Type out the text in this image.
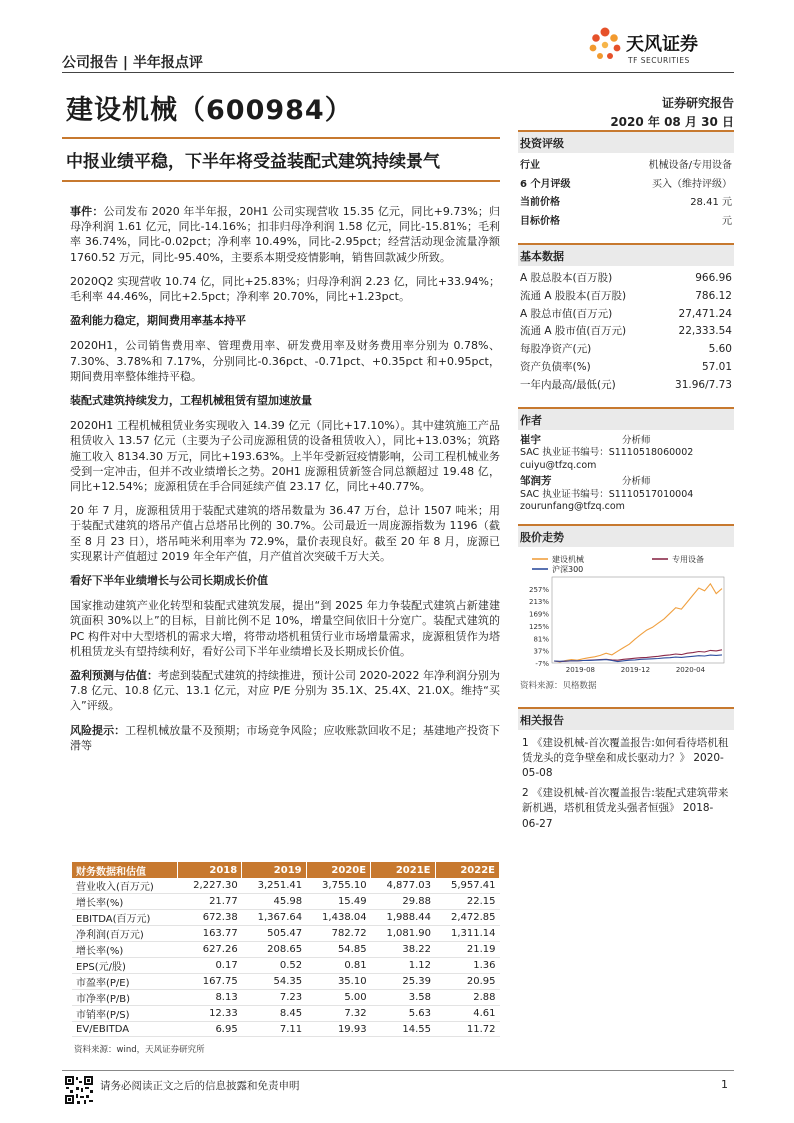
公司报告 | 半年报点评
天风证券
TF SECURITIES
建设机械（600984）	证券研究报告
2020 年 08 月 30 日
中报业绩平稳，下半年将受益装配式建筑持续景气

事件：公司发布 2020 年半年报，20H1 公司实现营收 15.35 亿元，同比+9.73%；归母净利润 1.61 亿元，同比-14.16%；扣非归母净利润 1.58 亿元，同比-15.81%；毛利率 36.74%，同比-0.02pct；净利率 10.49%，同比-2.95pct；经营活动现金流量净额 1760.52 万元，同比-95.40%，主要系本期受疫情影响，销售回款减少所致。

2020Q2 实现营收 10.74 亿，同比+25.83%；归母净利润 2.23 亿，同比+33.94%；毛利率 44.46%，同比+2.5pct；净利率 20.70%，同比+1.23pct。

盈利能力稳定，期间费用率基本持平

2020H1，公司销售费用率、管理费用率、研发费用率及财务费用率分别为 0.78%、7.30%、3.78%和 7.17%，分别同比-0.36pct、-0.71pct、+0.35pct 和+0.95pct，期间费用率整体维持平稳。

装配式建筑持续发力，工程机械租赁有望加速放量

2020H1 工程机械租赁业务实现收入 14.39 亿元（同比+17.10%）。其中建筑施工产品租赁收入 13.57 亿元（主要为子公司庞源租赁的设备租赁收入），同比+13.03%；筑路施工收入 8134.30 万元，同比+193.63%。上半年受新冠疫情影响，公司工程机械业务受到一定冲击，但并不改业绩增长之势。20H1 庞源租赁新签合同总额超过 19.48 亿，同比+12.54%；庞源租赁在手合同延续产值 23.17 亿，同比+40.77%。

20 年 7 月，庞源租赁用于装配式建筑的塔吊数量为 36.47 万台，总计 1507 吨米；用于装配式建筑的塔吊产值占总塔吊比例的 30.7%。公司最近一周庞源指数为 1196（截至 8 月 23 日），塔吊吨米利用率为 72.9%，量价表现良好。截至 20 年 8 月，庞源已实现累计产值超过 2019 年全年产值，月产值首次突破千万大关。

看好下半年业绩增长与公司长期成长价值

国家推动建筑产业化转型和装配式建筑发展，提出“到 2025 年力争装配式建筑占新建建筑面积 30%以上”的目标，目前比例不足 10%，增量空间依旧十分宽广。装配式建筑的 PC 构件对中大型塔机的需求大增，将带动塔机租赁行业市场增量需求，庞源租赁作为塔机租赁龙头有望持续利好，看好公司下半年业绩增长及长期成长价值。

盈利预测与估值：考虑到装配式建筑的持续推进，预计公司 2020-2022 年净利润分别为 7.8 亿元、10.8 亿元、13.1 亿元，对应 P/E 分别为 35.1X、25.4X、21.0X。维持“买入”评级。

风险提示：工程机械放量不及预期；市场竞争风险；应收账款回收不足；基建地产投资下滑等

投资评级
行业	机械设备/专用设备
6 个月评级	买入（维持评级）
当前价格	28.41 元
目标价格	元
基本数据
A 股总股本(百万股)	966.96
流通 A 股股本(百万股)	786.12
A 股总市值(百万元)	27,471.24
流通 A 股市值(百万元)	22,333.54
每股净资产(元)	5.60
资产负债率(%)	57.01
一年内最高/最低(元)	31.96/7.73
作者
崔宇	分析师
SAC 执业证书编号：S1110518060002
cuiyu@tfzq.com
邹润芳	分析师
SAC 执业证书编号：S1110517010004
zourunfang@tfzq.com
股价走势
257%
213%
169%
125%
81%
37%
-7%
2019-08	2019-12	2020-04
建设机械	专用设备
沪深300
资料来源：贝格数据
相关报告
1 《建设机械-首次覆盖报告:如何看待塔机租赁龙头的竞争壁垒和成长驱动力？》 2020-05-08
2 《建设机械-首次覆盖报告:装配式建筑带来新机遇，塔机租赁龙头强者恒强》 2018-06-27
财务数据和估值	2018	2019	2020E	2021E	2022E
营业收入(百万元)	2,227.30	3,251.41	3,755.10	4,877.03	5,957.41
增长率(%)	21.77	45.98	15.49	29.88	22.15
EBITDA(百万元)	672.38	1,367.64	1,438.04	1,988.44	2,472.85
净利润(百万元)	163.77	505.47	782.72	1,081.90	1,311.14
增长率(%)	627.26	208.65	54.85	38.22	21.19
EPS(元/股)	0.17	0.52	0.81	1.12	1.36
市盈率(P/E)	167.75	54.35	35.10	25.39	20.95
市净率(P/B)	8.13	7.23	5.00	3.58	2.88
市销率(P/S)	12.33	8.45	7.32	5.63	4.61
EV/EBITDA	6.95	7.11	19.93	14.55	11.72
资料来源：wind，天风证券研究所
请务必阅读正文之后的信息披露和免责申明	1
